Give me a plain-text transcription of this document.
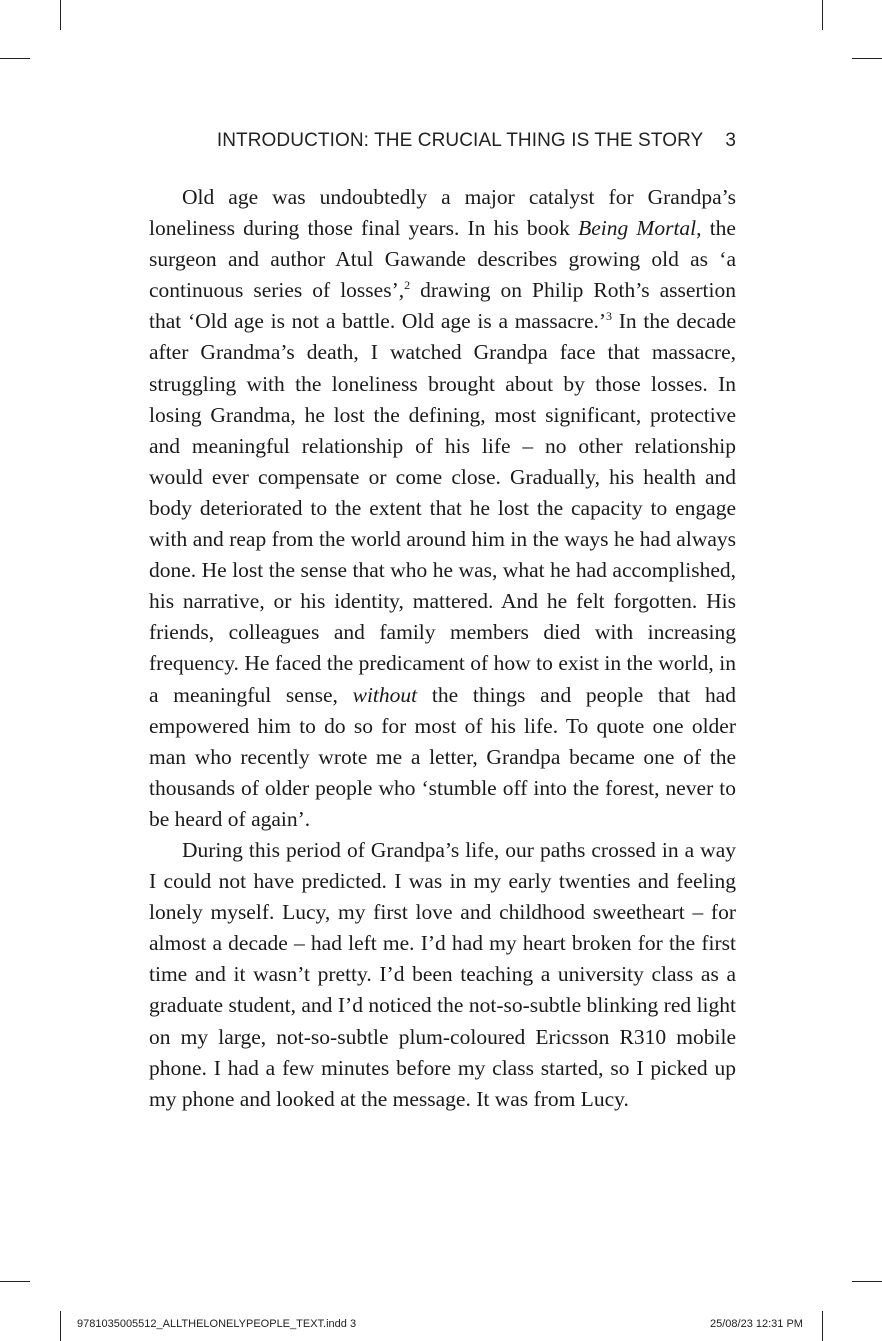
INTRODUCTION: THE CRUCIAL THING IS THE STORY 3

Old age was undoubtedly a major catalyst for Grandpa’s loneliness during those final years. In his book Being Mortal, the surgeon and author Atul Gawande describes growing old as ‘a continuous series of losses’,$^2$ drawing on Philip Roth’s assertion that ‘Old age is not a battle. Old age is a massacre.’$^3$ In the decade after Grandma’s death, I watched Grandpa face that massacre, struggling with the loneliness brought about by those losses. In losing Grandma, he lost the defining, most significant, protective and meaningful relationship of his life – no other relationship would ever compensate or come close. Gradually, his health and body deteriorated to the extent that he lost the capacity to engage with and reap from the world around him in the ways he had always done. He lost the sense that who he was, what he had accomplished, his narrative, or his identity, mattered. And he felt forgotten. His friends, colleagues and family members died with increasing frequency. He faced the predicament of how to exist in the world, in a meaningful sense, without the things and people that had empowered him to do so for most of his life. To quote one older man who recently wrote me a letter, Grandpa became one of the thousands of older people who ‘stumble off into the forest, never to be heard of again’.

During this period of Grandpa’s life, our paths crossed in a way I could not have predicted. I was in my early twenties and feeling lonely myself. Lucy, my first love and childhood sweetheart – for almost a decade – had left me. I’d had my heart broken for the first time and it wasn’t pretty. I’d been teaching a university class as a graduate student, and I’d noticed the not-so-subtle blinking red light on my large, not-so-subtle plum-coloured Ericsson R310 mobile phone. I had a few minutes before my class started, so I picked up my phone and looked at the message. It was from Lucy.

9781035005512_ALLTHELONELYPEOPLE_TEXT.indd 3	25/08/23 12:31 PM
